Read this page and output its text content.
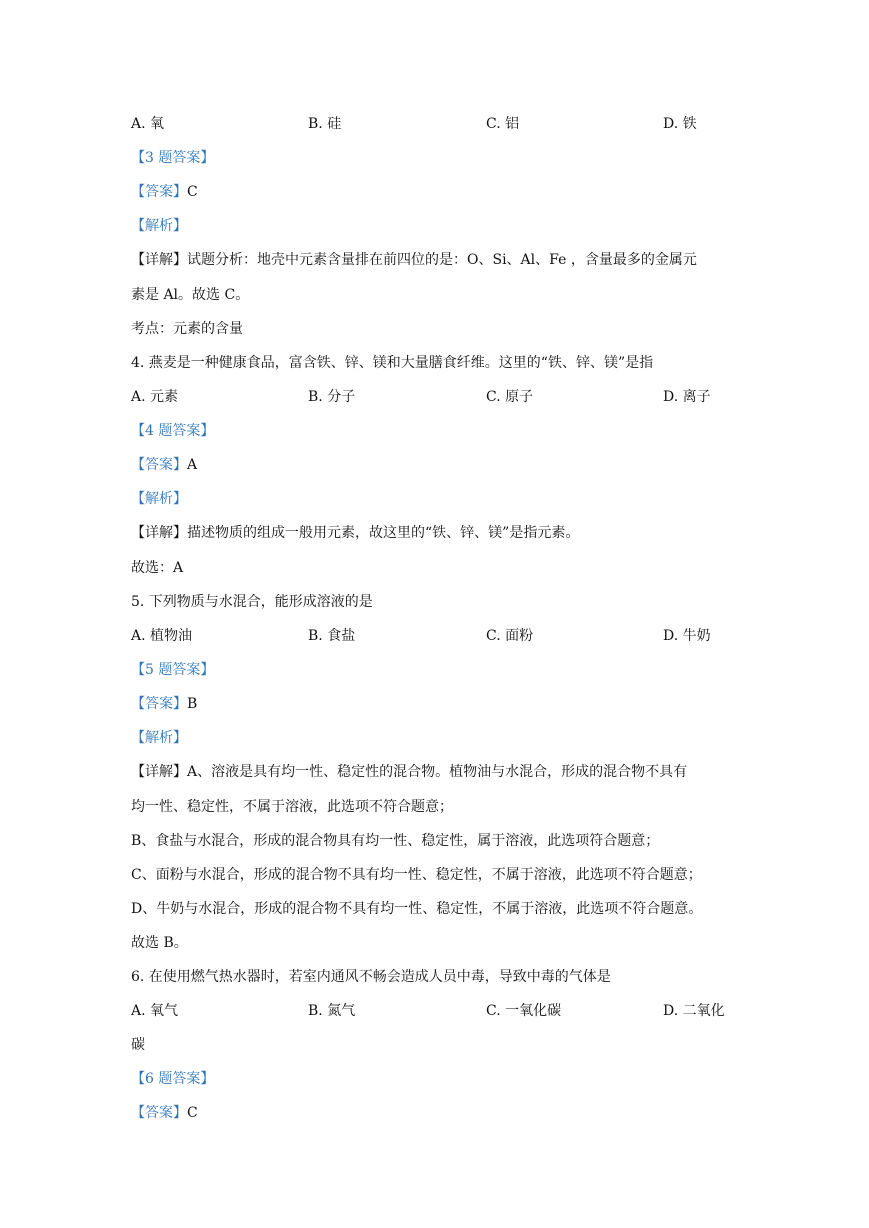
A. 氧	B. 硅	C. 铝	D. 铁
【3 题答案】
【答案】C
【解析】
【详解】试题分析：地壳中元素含量排在前四位的是：O、Si、Al、Fe ，含量最多的金属元
素是 Al。故选 C。
考点：元素的含量
4. 燕麦是一种健康食品，富含铁、锌、镁和大量膳食纤维。这里的“铁、锌、镁”是指
A. 元素	B. 分子	C. 原子	D. 离子
【4 题答案】
【答案】A
【解析】
【详解】描述物质的组成一般用元素，故这里的“铁、锌、镁”是指元素。
故选：A
5. 下列物质与水混合，能形成溶液的是
A. 植物油	B. 食盐	C. 面粉	D. 牛奶
【5 题答案】
【答案】B
【解析】
【详解】A、溶液是具有均一性、稳定性的混合物。植物油与水混合，形成的混合物不具有
均一性、稳定性，不属于溶液，此选项不符合题意；
B、食盐与水混合，形成的混合物具有均一性、稳定性，属于溶液，此选项符合题意；
C、面粉与水混合，形成的混合物不具有均一性、稳定性，不属于溶液，此选项不符合题意；
D、牛奶与水混合，形成的混合物不具有均一性、稳定性，不属于溶液，此选项不符合题意。
故选 B。
6. 在使用燃气热水器时，若室内通风不畅会造成人员中毒，导致中毒的气体是
A. 氧气	B. 氮气	C. 一氧化碳	D. 二氧化
碳
【6 题答案】
【答案】C
